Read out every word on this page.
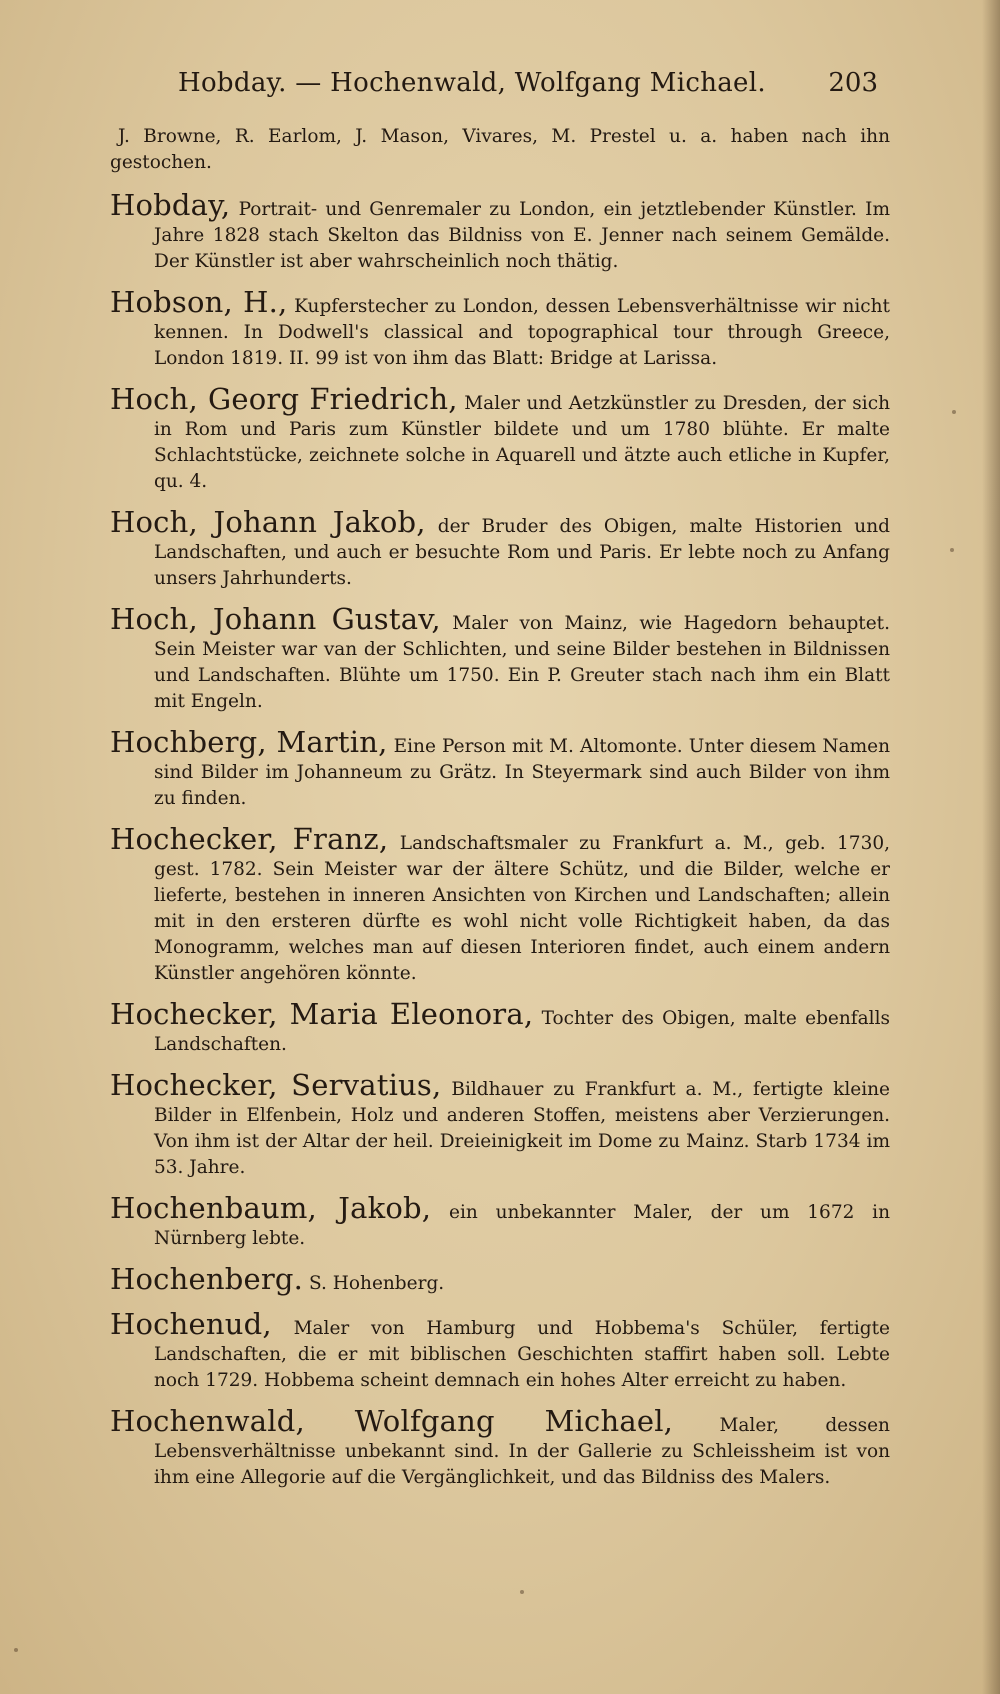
Hobday. — Hochenwald, Wolfgang Michael. 203

J. Browne, R. Earlom, J. Mason, Vivares, M. Prestel u. a. haben nach ihn gestochen.

Hobday, Portrait- und Genremaler zu London, ein jetztlebender Künstler. Im Jahre 1828 stach Skelton das Bildniss von E. Jenner nach seinem Gemälde. Der Künstler ist aber wahrscheinlich noch thätig.

Hobson, H., Kupferstecher zu London, dessen Lebensverhältnisse wir nicht kennen. In Dodwell's classical and topographical tour through Greece, London 1819. II. 99 ist von ihm das Blatt: Bridge at Larissa.

Hoch, Georg Friedrich, Maler und Aetzkünstler zu Dresden, der sich in Rom und Paris zum Künstler bildete und um 1780 blühte. Er malte Schlachtstücke, zeichnete solche in Aquarell und ätzte auch etliche in Kupfer, qu. 4.

Hoch, Johann Jakob, der Bruder des Obigen, malte Historien und Landschaften, und auch er besuchte Rom und Paris. Er lebte noch zu Anfang unsers Jahrhunderts.

Hoch, Johann Gustav, Maler von Mainz, wie Hagedorn behauptet. Sein Meister war van der Schlichten, und seine Bilder bestehen in Bildnissen und Landschaften. Blühte um 1750. Ein P. Greuter stach nach ihm ein Blatt mit Engeln.

Hochberg, Martin, Eine Person mit M. Altomonte. Unter diesem Namen sind Bilder im Johanneum zu Grätz. In Steyermark sind auch Bilder von ihm zu finden.

Hochecker, Franz, Landschaftsmaler zu Frankfurt a. M., geb. 1730, gest. 1782. Sein Meister war der ältere Schütz, und die Bilder, welche er lieferte, bestehen in inneren Ansichten von Kirchen und Landschaften; allein mit in den ersteren dürfte es wohl nicht volle Richtigkeit haben, da das Monogramm, welches man auf diesen Interioren findet, auch einem andern Künstler angehören könnte.

Hochecker, Maria Eleonora, Tochter des Obigen, malte ebenfalls Landschaften.

Hochecker, Servatius, Bildhauer zu Frankfurt a. M., fertigte kleine Bilder in Elfenbein, Holz und anderen Stoffen, meistens aber Verzierungen. Von ihm ist der Altar der heil. Dreieinigkeit im Dome zu Mainz. Starb 1734 im 53. Jahre.

Hochenbaum, Jakob, ein unbekannter Maler, der um 1672 in Nürnberg lebte.

Hochenberg. S. Hohenberg.

Hochenud, Maler von Hamburg und Hobbema's Schüler, fertigte Landschaften, die er mit biblischen Geschichten staffirt haben soll. Lebte noch 1729. Hobbema scheint demnach ein hohes Alter erreicht zu haben.

Hochenwald, Wolfgang Michael,	Maler, dessen Lebensverhältnisse unbekannt sind. In der Gallerie zu Schleissheim ist von ihm eine Allegorie auf die Vergänglichkeit, und das Bildniss des Malers.
